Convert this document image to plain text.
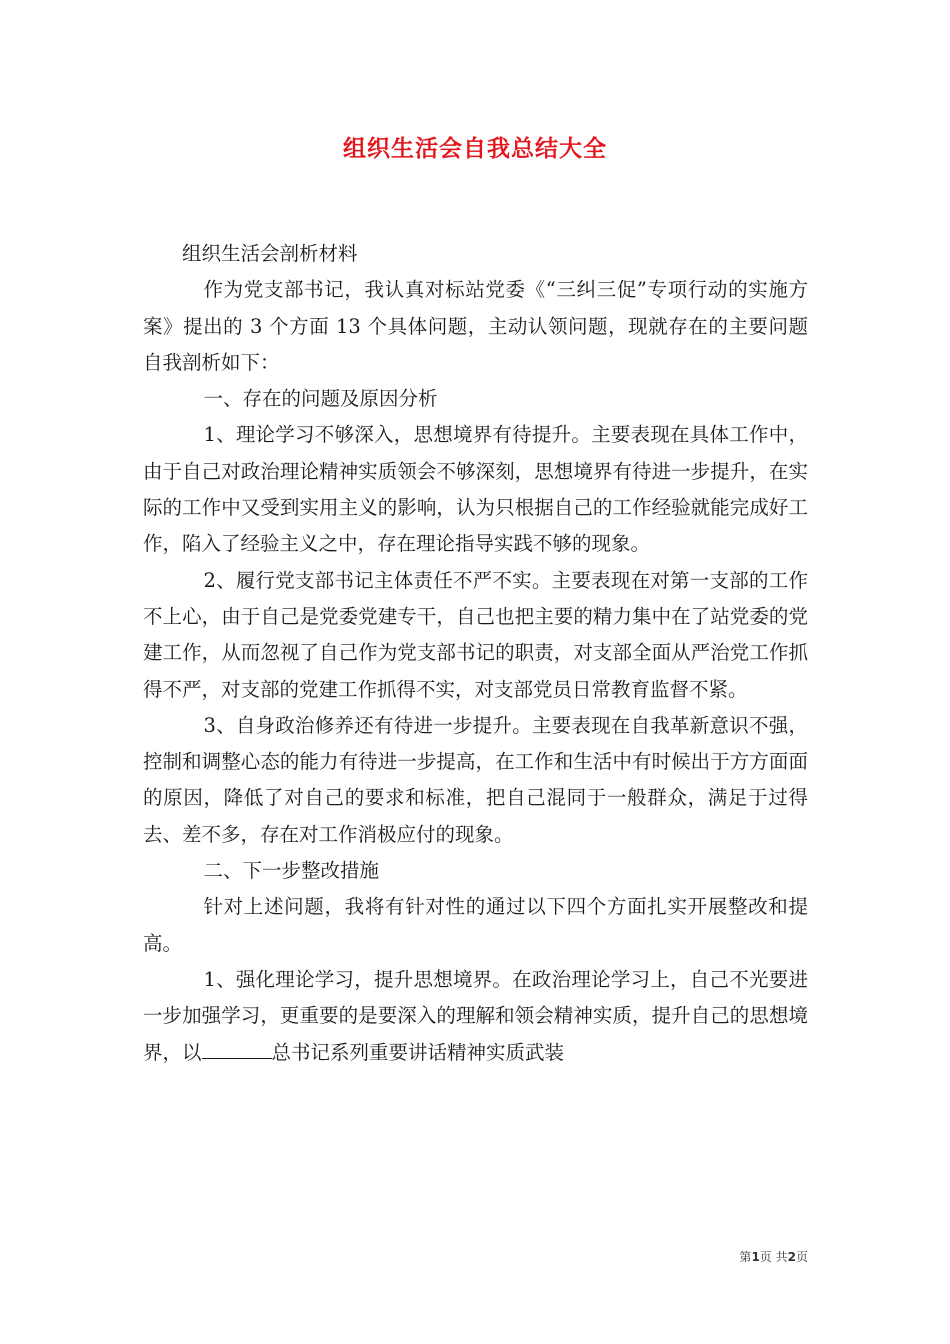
组织生活会自我总结大全

组织生活会剖析材料

作为党支部书记，我认真对标站党委《“三纠三促”专项行动的实施方案》提出的 3 个方面 13 个具体问题，主动认领问题，现就存在的主要问题自我剖析如下：

一、存在的问题及原因分析

1、理论学习不够深入，思想境界有待提升。主要表现在具体工作中，由于自己对政治理论精神实质领会不够深刻，思想境界有待进一步提升，在实际的工作中又受到实用主义的影响，认为只根据自己的工作经验就能完成好工作，陷入了经验主义之中，存在理论指导实践不够的现象。

2、履行党支部书记主体责任不严不实。主要表现在对第一支部的工作不上心，由于自己是党委党建专干，自己也把主要的精力集中在了站党委的党建工作，从而忽视了自己作为党支部书记的职责，对支部全面从严治党工作抓得不严，对支部的党建工作抓得不实，对支部党员日常教育监督不紧。

3、自身政治修养还有待进一步提升。主要表现在自我革新意识不强，控制和调整心态的能力有待进一步提高，在工作和生活中有时候出于方方面面的原因，降低了对自己的要求和标准，把自己混同于一般群众，满足于过得去、差不多，存在对工作消极应付的现象。

二、下一步整改措施

针对上述问题，我将有针对性的通过以下四个方面扎实开展整改和提高。

1、强化理论学习，提升思想境界。在政治理论学习上，自己不光要进一步加强学习，更重要的是要深入的理解和领会精神实质，提升自己的思想境界，以	总书记系列重要讲话精神实质武装

第1页 共2页
